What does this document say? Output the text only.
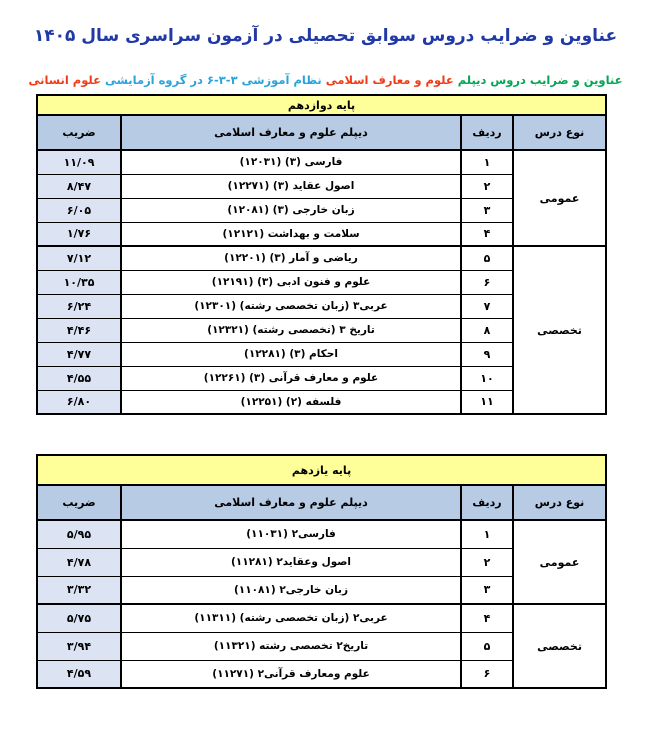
عناوین و ضرایب دروس سوابق تحصیلی در آزمون سراسری سال ۱۴۰۵
عناوین و ضرایب دروس دیپلم علوم و معارف اسلامی نظام آموزشی ۳-۳-۶ در گروه آزمایشی علوم انسانی
پایه دوازدهم			
نوع درس	ردیف	دیپلم علوم و معارف اسلامی	ضریب
عمومی	۱	فارسی (۳) (۱۲۰۳۱)	۱۱/۰۹
	۲	اصول عقاید (۳) (۱۲۲۷۱)	۸/۴۷
	۳	زبان خارجی (۳) (۱۲۰۸۱)	۶/۰۵
	۴	سلامت و بهداشت (۱۲۱۲۱)	۱/۷۶
تخصصی	۵	ریاضی و آمار (۳) (۱۲۲۰۱)	۷/۱۲
	۶	علوم و فنون ادبی (۳) (۱۲۱۹۱)	۱۰/۳۵
	۷	عربی۳ (زبان تخصصی رشته) (۱۲۳۰۱)	۶/۲۴
	۸	تاریخ ۳ (تخصصی رشته) (۱۲۳۲۱)	۴/۴۶
	۹	احکام (۳) (۱۲۲۸۱)	۴/۷۷
	۱۰	علوم و معارف قرآنی (۳) (۱۲۲۶۱)	۴/۵۵
	۱۱	فلسفه (۲) (۱۲۲۵۱)	۶/۸۰
پایه یازدهم			
نوع درس	ردیف	دیپلم علوم و معارف اسلامی	ضریب
عمومی	۱	فارسی۲ (۱۱۰۳۱)	۵/۹۵
	۲	اصول وعقاید۲ (۱۱۲۸۱)	۴/۷۸
	۳	زبان خارجی۲ (۱۱۰۸۱)	۳/۳۲
تخصصی	۴	عربی۲ (زبان تخصصی رشته) (۱۱۳۱۱)	۵/۷۵
	۵	تاریخ۲ تخصصی رشته (۱۱۳۲۱)	۳/۹۴
	۶	علوم ومعارف قرآنی۲ (۱۱۲۷۱)	۴/۵۹
